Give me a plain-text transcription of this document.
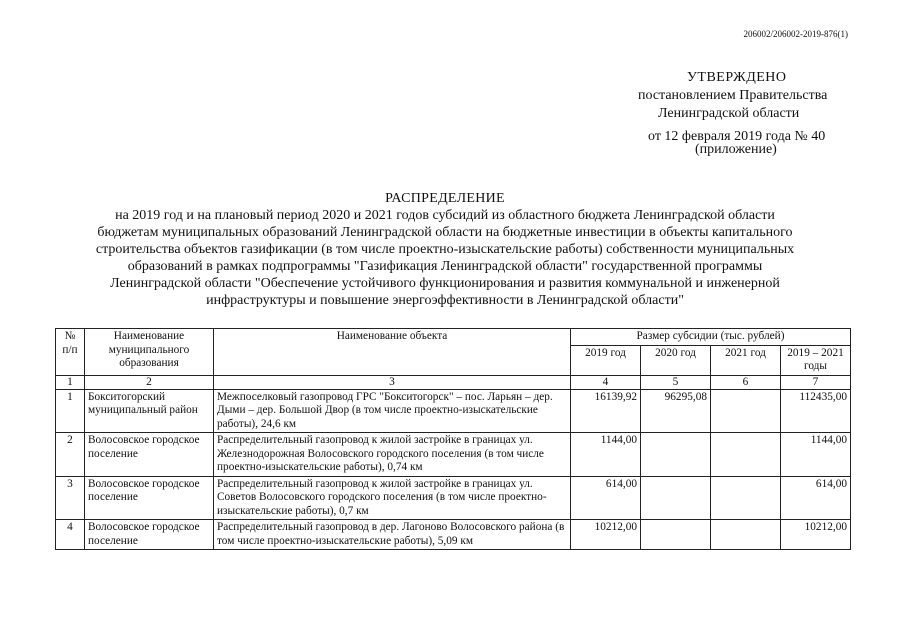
206002/206002-2019-876(1)
УТВЕРЖДЕНО
постановлением Правительства
Ленинградской области
от 12 февраля 2019 года № 40
(приложение)
РАСПРЕДЕЛЕНИЕ
на 2019 год и на плановый период 2020 и 2021 годов субсидий из областного бюджета Ленинградской области
бюджетам муниципальных образований Ленинградской области на бюджетные инвестиции в объекты капитального
строительства объектов газификации (в том числе проектно-изыскательские работы) собственности муниципальных
образований в рамках подпрограммы "Газификация Ленинградской области" государственной программы
Ленинградской области "Обеспечение устойчивого функционирования и развития коммунальной и инженерной
инфраструктуры и повышение энергоэффективности в Ленинградской области"
№ п/п	Наименование муниципального образования	Наименование объекта	Размер субсидии (тыс. рублей)			
			2019 год	2020 год	2021 год	2019 – 2021 годы
1	2	3	4	5	6	7
1	Бокситогорский муниципальный район	Межпоселковый газопровод ГРС "Бокситогорск" – пос. Ларьян – дер. Дыми – дер. Большой Двор (в том числе проектно-изыскательские работы), 24,6 км	16139,92	96295,08		112435,00
2	Волосовское городское поселение	Распределительный газопровод к жилой застройке в границах ул. Железнодорожная Волосовского городского поселения (в том числе проектно-изыскательские работы), 0,74 км	1144,00			1144,00
3	Волосовское городское поселение	Распределительный газопровод к жилой застройке в границах ул. Советов Волосовского городского поселения (в том числе проектно-изыскательские работы), 0,7 км	614,00			614,00
4	Волосовское городское поселение	Распределительный газопровод в дер. Лагоново Волосовского района (в том числе проектно-изыскательские работы), 5,09 км	10212,00			10212,00
